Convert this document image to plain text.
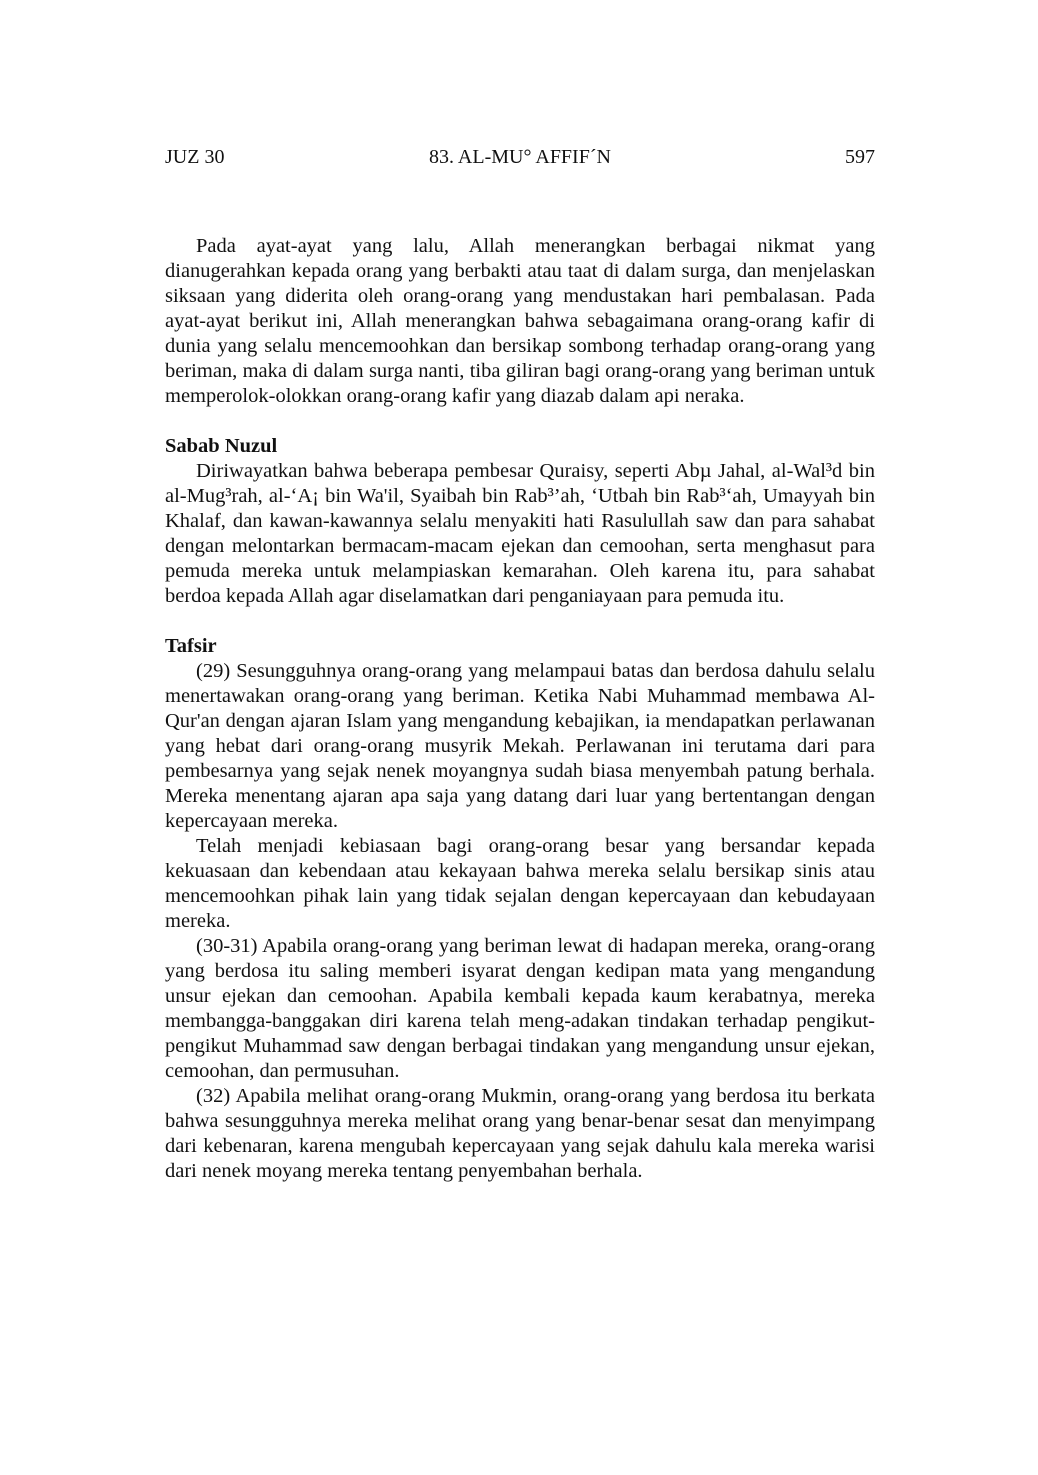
JUZ 30	83. AL-MU° AFFIF´N	597

Pada ayat-ayat yang lalu, Allah menerangkan berbagai nikmat yang dianugerahkan kepada orang yang berbakti atau taat di dalam surga, dan menjelaskan siksaan yang diderita oleh orang-orang yang mendustakan hari pembalasan. Pada ayat-ayat berikut ini, Allah menerangkan bahwa sebagaimana orang-orang kafir di dunia yang selalu mencemoohkan dan bersikap sombong terhadap orang-orang yang beriman, maka di dalam surga nanti, tiba giliran bagi orang-orang yang beriman untuk memperolok-olokkan orang-orang kafir yang diazab dalam api neraka.

Sabab Nuzul

Diriwayatkan bahwa beberapa pembesar Quraisy, seperti Abµ Jahal, al-Wal³d bin al-Mug³rah, al-‘A¡ bin Wa'il, Syaibah bin Rab³’ah, ‘Utbah bin Rab³‘ah, Umayyah bin Khalaf, dan kawan-kawannya selalu menyakiti hati Rasulullah saw dan para sahabat dengan melontarkan bermacam-macam ejekan dan cemoohan, serta menghasut para pemuda mereka untuk melampiaskan kemarahan. Oleh karena itu, para sahabat berdoa kepada Allah agar diselamatkan dari penganiayaan para pemuda itu.

Tafsir

(29) Sesungguhnya orang-orang yang melampaui batas dan berdosa dahulu selalu menertawakan orang-orang yang beriman. Ketika Nabi Muhammad membawa Al-Qur'an dengan ajaran Islam yang mengandung kebajikan, ia mendapatkan perlawanan yang hebat dari orang-orang musyrik Mekah. Perlawanan ini terutama dari para pembesarnya yang sejak nenek moyangnya sudah biasa menyembah patung berhala. Mereka menentang ajaran apa saja yang datang dari luar yang bertentangan dengan kepercayaan mereka.

Telah menjadi kebiasaan bagi orang-orang besar yang bersandar kepada kekuasaan dan kebendaan atau kekayaan bahwa mereka selalu bersikap sinis atau mencemoohkan pihak lain yang tidak sejalan dengan kepercayaan dan kebudayaan mereka.

(30-31) Apabila orang-orang yang beriman lewat di hadapan mereka, orang-orang yang berdosa itu saling memberi isyarat dengan kedipan mata yang mengandung unsur ejekan dan cemoohan. Apabila kembali kepada kaum kerabatnya, mereka membangga-banggakan diri karena telah meng-adakan tindakan terhadap pengikut-pengikut Muhammad saw dengan berbagai tindakan yang mengandung unsur ejekan, cemoohan, dan permusuhan.

(32) Apabila melihat orang-orang Mukmin, orang-orang yang berdosa itu berkata bahwa sesungguhnya mereka melihat orang yang benar-benar sesat dan menyimpang dari kebenaran, karena mengubah kepercayaan yang sejak dahulu kala mereka warisi dari nenek moyang mereka tentang penyembahan berhala.
